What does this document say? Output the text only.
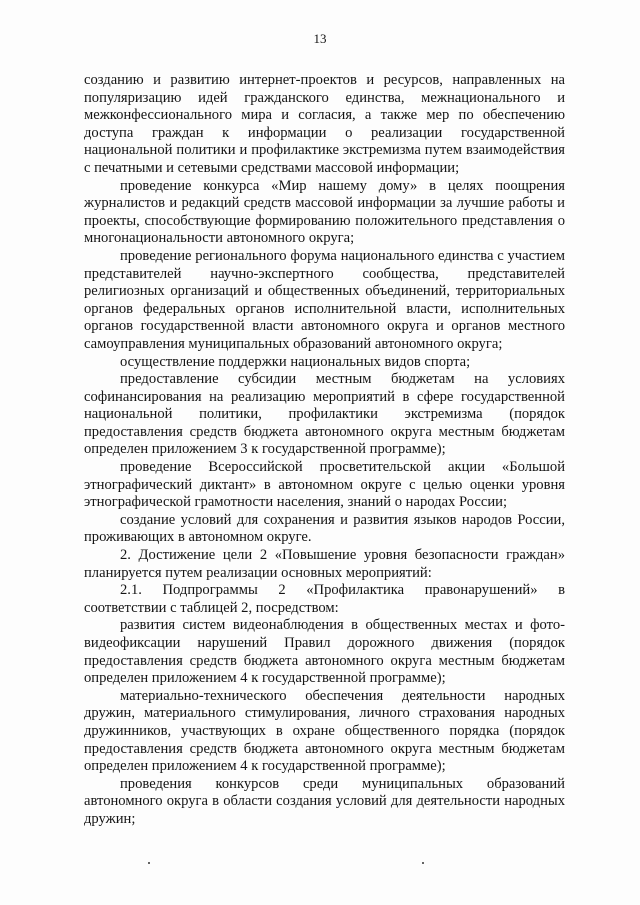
13

созданию и развитию интернет-проектов и ресурсов, направленных на популяризацию идей гражданского единства, межнационального и межконфессионального мира и согласия, а также мер по обеспечению доступа граждан к информации о реализации государственной национальной политики и профилактике экстремизма путем взаимодействия с печатными и сетевыми средствами массовой информации;

проведение конкурса «Мир нашему дому» в целях поощрения журналистов и редакций средств массовой информации за лучшие работы и проекты, способствующие формированию положительного представления о многонациональности автономного округа;

проведение регионального форума национального единства с участием представителей научно-экспертного сообщества, представителей религиозных организаций и общественных объединений, территориальных органов федеральных органов исполнительной власти, исполнительных органов государственной власти автономного округа и органов местного самоуправления муниципальных образований автономного округа;

осуществление поддержки национальных видов спорта;

предоставление субсидии местным бюджетам на условиях софинансирования на реализацию мероприятий в сфере государственной национальной политики, профилактики экстремизма (порядок предоставления средств бюджета автономного округа местным бюджетам определен приложением 3 к государственной программе);

проведение Всероссийской просветительской акции «Большой этнографический диктант» в автономном округе с целью оценки уровня этнографической грамотности населения, знаний о народах России;

создание условий для сохранения и развития языков народов России, проживающих в автономном округе.

2. Достижение цели 2 «Повышение уровня безопасности граждан» планируется путем реализации основных мероприятий:

2.1. Подпрограммы 2 «Профилактика правонарушений» в соответствии с таблицей 2, посредством:

развития систем видеонаблюдения в общественных местах и фото-видеофиксации нарушений Правил дорожного движения (порядок предоставления средств бюджета автономного округа местным бюджетам определен приложением 4 к государственной программе);

материально-технического обеспечения деятельности народных дружин, материального стимулирования, личного страхования народных дружинников, участвующих в охране общественного порядка (порядок предоставления средств бюджета автономного округа местным бюджетам определен приложением 4 к государственной программе);

проведения конкурсов среди муниципальных образований автономного округа в области создания условий для деятельности народных дружин;
